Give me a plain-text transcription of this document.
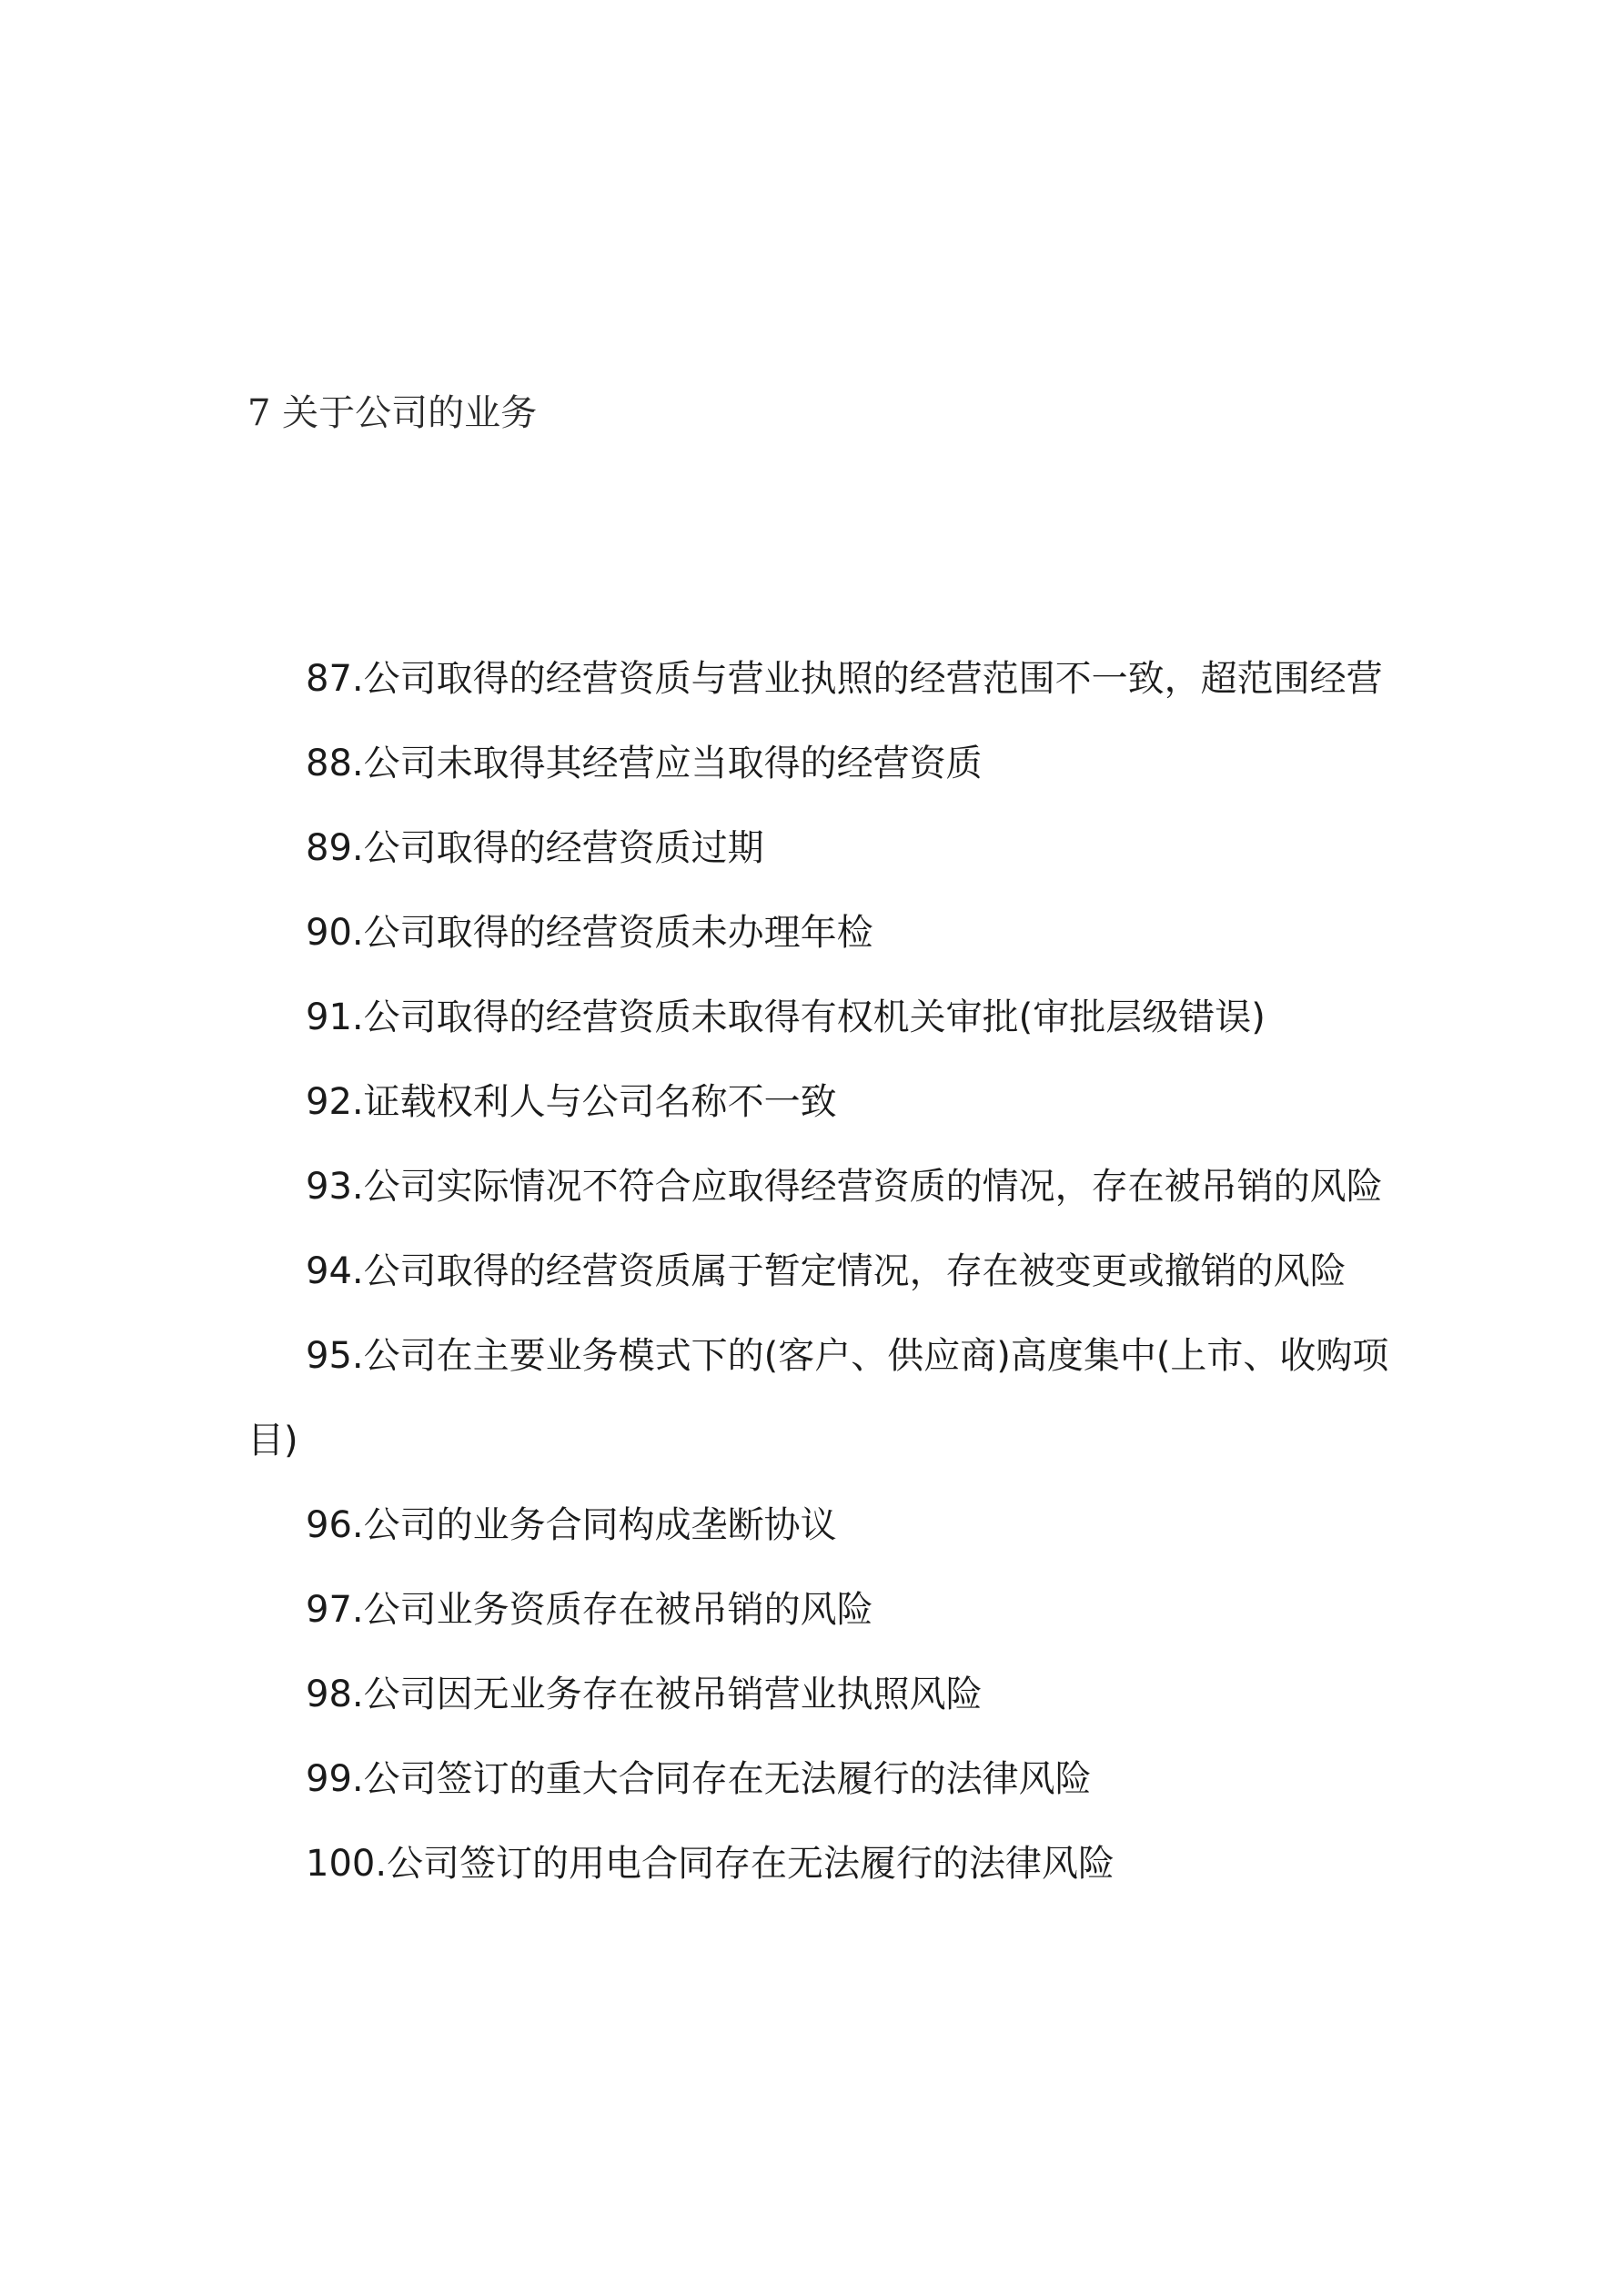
7 关于公司的业务

87.公司取得的经营资质与营业执照的经营范围不一致，超范围经营

88.公司未取得其经营应当取得的经营资质

89.公司取得的经营资质过期

90.公司取得的经营资质未办理年检

91.公司取得的经营资质未取得有权机关审批(审批层级错误)

92.证载权利人与公司名称不一致

93.公司实际情况不符合应取得经营资质的情况，存在被吊销的风险

94.公司取得的经营资质属于暂定情况，存在被变更或撤销的风险

95.公司在主要业务模式下的(客户、供应商)高度集中(上市、收购项目)

96.公司的业务合同构成垄断协议

97.公司业务资质存在被吊销的风险

98.公司因无业务存在被吊销营业执照风险

99.公司签订的重大合同存在无法履行的法律风险

100.公司签订的用电合同存在无法履行的法律风险
